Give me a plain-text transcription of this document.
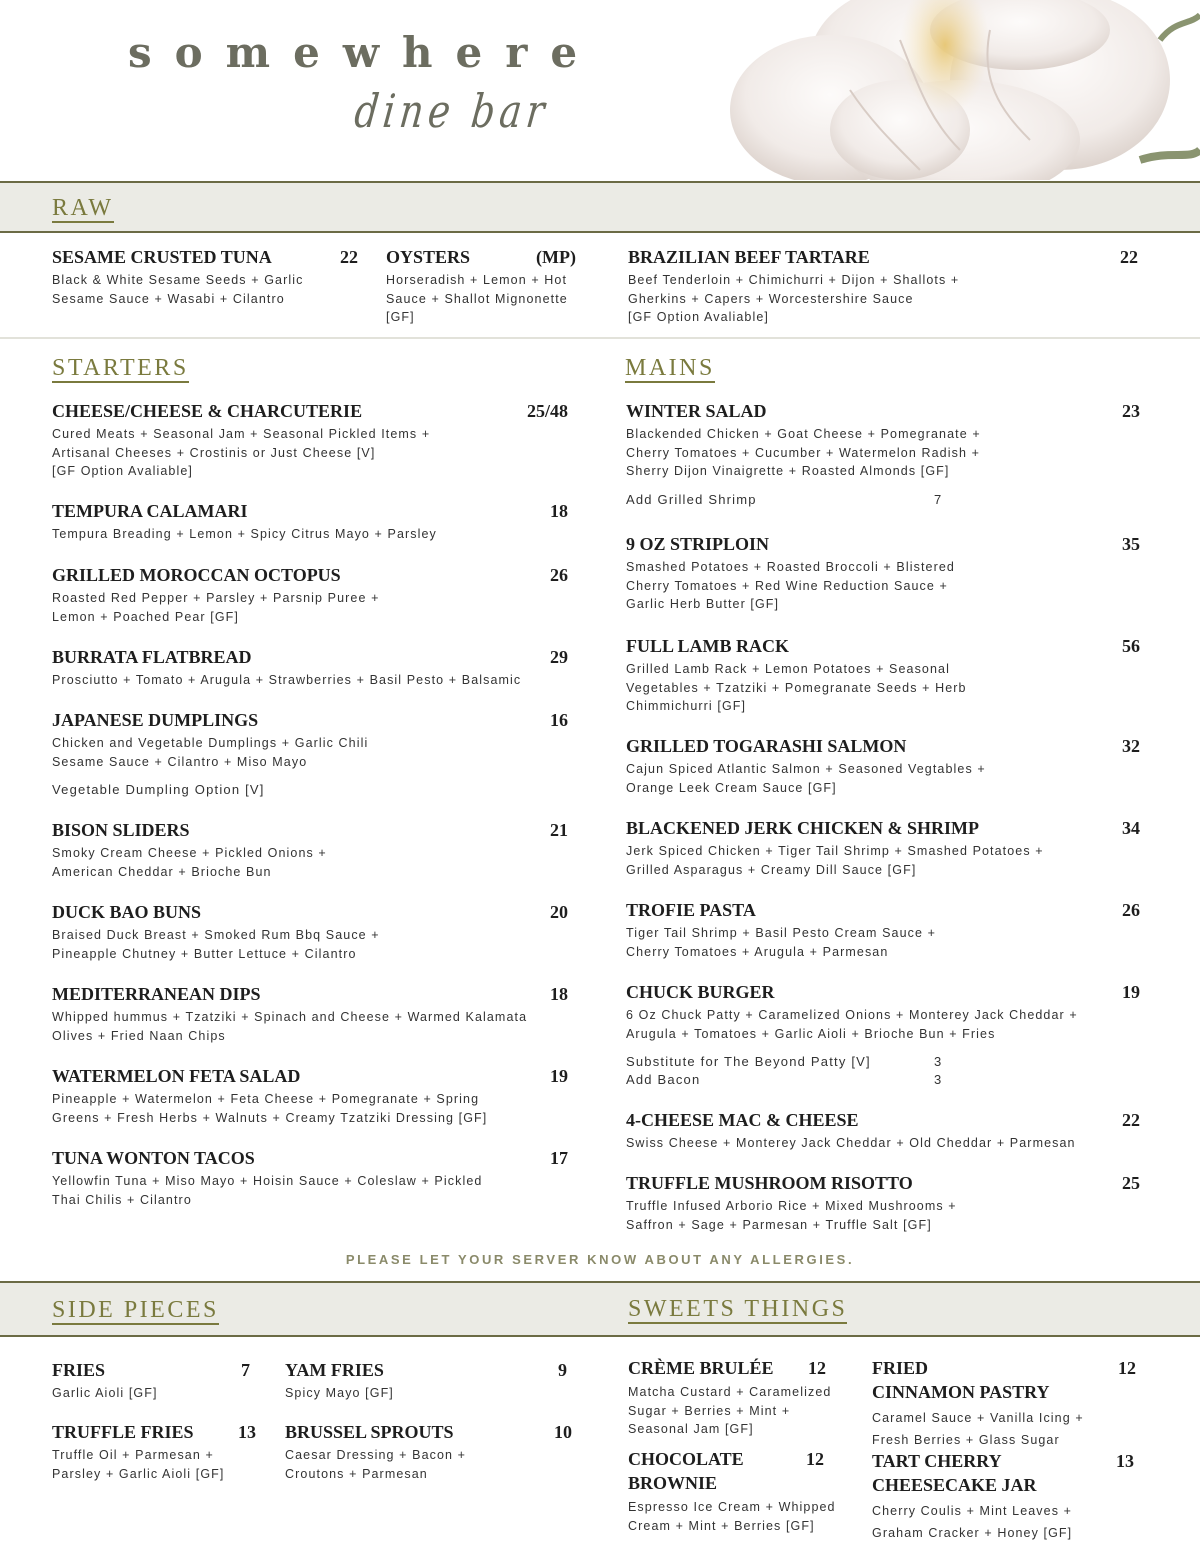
somewhere
dine bar
RAW
STARTERS	MAINS
PLEASE LET YOUR SERVER KNOW ABOUT ANY ALLERGIES.
SIDE PIECES	SWEETS THINGS
SESAME CRUSTED TUNA	22
Black & White Sesame Seeds + Garlic
Sesame Sauce + Wasabi + Cilantro
OYSTERS	(MP)
Horseradish + Lemon + Hot
Sauce + Shallot Mignonette
[GF]
BRAZILIAN BEEF TARTARE	22
Beef Tenderloin + Chimichurri + Dijon + Shallots +
Gherkins + Capers + Worcestershire Sauce
[GF Option Avaliable]
CHEESE/CHEESE & CHARCUTERIE	25/48
Cured Meats + Seasonal Jam + Seasonal Pickled Items +
Artisanal Cheeses + Crostinis or Just Cheese [V]
[GF Option Avaliable]
TEMPURA CALAMARI	18
Tempura Breading + Lemon + Spicy Citrus Mayo + Parsley
GRILLED MOROCCAN OCTOPUS	26
Roasted Red Pepper + Parsley + Parsnip Puree +
Lemon + Poached Pear [GF]
BURRATA FLATBREAD	29
Prosciutto + Tomato + Arugula + Strawberries + Basil Pesto + Balsamic
JAPANESE DUMPLINGS	16
Chicken and Vegetable Dumplings + Garlic Chili
Sesame Sauce + Cilantro + Miso Mayo
Vegetable Dumpling Option [V]
BISON SLIDERS	21
Smoky Cream Cheese + Pickled Onions +
American Cheddar + Brioche Bun
DUCK BAO BUNS	20
Braised Duck Breast + Smoked Rum Bbq Sauce +
Pineapple Chutney + Butter Lettuce + Cilantro
MEDITERRANEAN DIPS	18
Whipped hummus + Tzatziki + Spinach and Cheese + Warmed Kalamata
Olives + Fried Naan Chips
WATERMELON FETA SALAD	19
Pineapple + Watermelon + Feta Cheese + Pomegranate + Spring
Greens + Fresh Herbs + Walnuts + Creamy Tzatziki Dressing [GF]
TUNA WONTON TACOS	17
Yellowfin Tuna + Miso Mayo + Hoisin Sauce + Coleslaw + Pickled
Thai Chilis + Cilantro
WINTER SALAD	23
Blackended Chicken + Goat Cheese + Pomegranate +
Cherry Tomatoes + Cucumber + Watermelon Radish +
Sherry Dijon Vinaigrette + Roasted Almonds [GF]
Add Grilled Shrimp	7
9 OZ STRIPLOIN	35
Smashed Potatoes + Roasted Broccoli + Blistered
Cherry Tomatoes + Red Wine Reduction Sauce +
Garlic Herb Butter [GF]
FULL LAMB RACK	56
Grilled Lamb Rack + Lemon Potatoes + Seasonal
Vegetables + Tzatziki + Pomegranate Seeds + Herb
Chimmichurri [GF]
GRILLED TOGARASHI SALMON	32
Cajun Spiced Atlantic Salmon + Seasoned Vegtables +
Orange Leek Cream Sauce [GF]
BLACKENED JERK CHICKEN & SHRIMP	34
Jerk Spiced Chicken + Tiger Tail Shrimp + Smashed Potatoes +
Grilled Asparagus + Creamy Dill Sauce [GF]
TROFIE PASTA	26
Tiger Tail Shrimp + Basil Pesto Cream Sauce +
Cherry Tomatoes + Arugula + Parmesan
CHUCK BURGER	19
6 Oz Chuck Patty + Caramelized Onions + Monterey Jack Cheddar +
Arugula + Tomatoes + Garlic Aioli + Brioche Bun + Fries
Substitute for The Beyond Patty [V]	3
Add Bacon	3
4-CHEESE MAC & CHEESE	22
Swiss Cheese + Monterey Jack Cheddar + Old Cheddar + Parmesan
TRUFFLE MUSHROOM RISOTTO	25
Truffle Infused Arborio Rice + Mixed Mushrooms +
Saffron + Sage + Parmesan + Truffle Salt [GF]
FRIES	7
Garlic Aioli [GF]
YAM FRIES	9
Spicy Mayo [GF]
TRUFFLE FRIES 13
Truffle Oil + Parmesan +
Parsley + Garlic Aioli [GF]
BRUSSEL SPROUTS	10
Caesar Dressing + Bacon +
Croutons + Parmesan
CRÈME BRULÉE 12
Matcha Custard + Caramelized
Sugar + Berries + Mint +
Seasonal Jam [GF]
CHOCOLATE
BROWNIE
12
Espresso Ice Cream + Whipped
Cream + Mint + Berries [GF]
FRIED
CINNAMON PASTRY
12
Caramel Sauce + Vanilla Icing +
Fresh Berries + Glass Sugar
TART CHERRY
CHEESECAKE JAR
13
Cherry Coulis + Mint Leaves +
Graham Cracker + Honey [GF]
